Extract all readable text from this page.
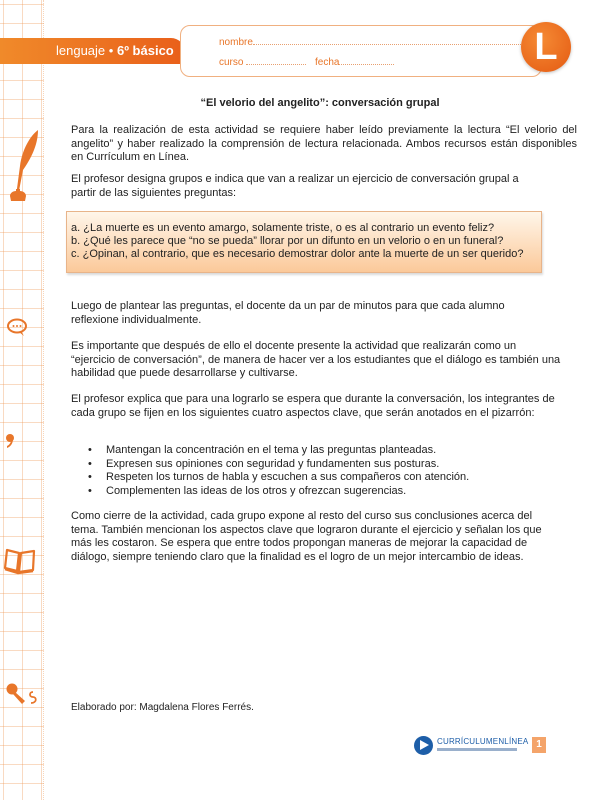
lenguaje • 6º básico
nombre
curso	fecha	L
“El velorio del angelito”: conversación grupal
Para la realización de esta actividad se requiere haber leído previamente la lectura “El velorio del angelito” y haber realizado la comprensión de lectura relacionada. Ambos recursos están disponibles en Currículum en Línea.
El profesor designa grupos e indica que van a realizar un ejercicio de conversación grupal a partir de las siguientes preguntas:
a. ¿La muerte es un evento amargo, solamente triste, o es al contrario un evento feliz?
b. ¿Qué les parece que “no se pueda” llorar por un difunto en un velorio o en un funeral?
c. ¿Opinan, al contrario, que es necesario demostrar dolor ante la muerte de un ser querido?
Luego de plantear las preguntas, el docente da un par de minutos para que cada alumno reflexione individualmente.
Es importante que después de ello el docente presente la actividad que realizarán como un “ejercicio de conversación”, de manera de hacer ver a los estudiantes que el diálogo es también una habilidad que puede desarrollarse y cultivarse.
El profesor explica que para una lograrlo se espera que durante la conversación, los integrantes de cada grupo se fijen en los siguientes cuatro aspectos clave, que serán anotados en el pizarrón:
• Mantengan la concentración en el tema y las preguntas planteadas.
• Expresen sus opiniones con seguridad y fundamenten sus posturas.
• Respeten los turnos de habla y escuchen a sus compañeros con atención.
• Complementen las ideas de los otros y ofrezcan sugerencias.
Como cierre de la actividad, cada grupo expone al resto del curso sus conclusiones acerca del tema. También mencionan los aspectos clave que lograron durante el ejercicio y señalan los que más les costaron. Se espera que entre todos propongan maneras de mejorar la capacidad de diálogo, siempre teniendo claro que la finalidad es el logro de un mejor intercambio de ideas.
Elaborado por: Magdalena Flores Ferrés.
CURRÍCULUMENLÍNEA 1
